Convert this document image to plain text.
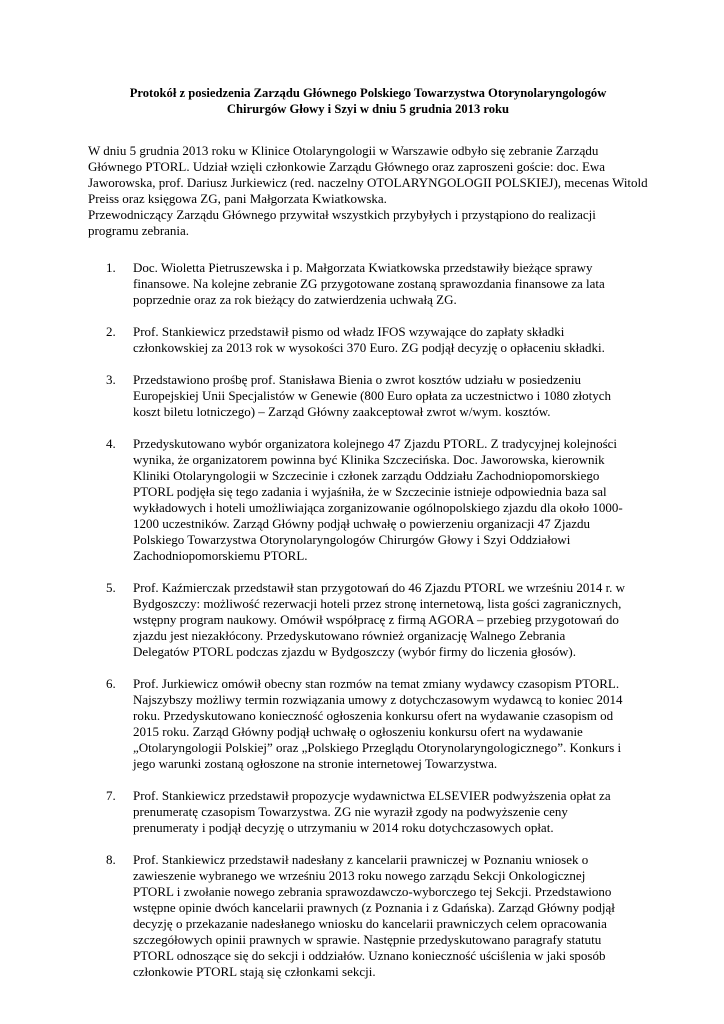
Protokół z posiedzenia Zarządu Głównego Polskiego Towarzystwa Otorynolaryngologów
Chirurgów Głowy i Szyi w dniu 5 grudnia 2013 roku

W dniu 5 grudnia 2013 roku w Klinice Otolaryngologii w Warszawie odbyło się zebranie Zarządu Głównego PTORL. Udział wzięli członkowie Zarządu Głównego oraz zaproszeni goście: doc. Ewa Jaworowska, prof. Dariusz Jurkiewicz (red. naczelny OTOLARYNGOLOGII POLSKIEJ), mecenas Witold Preiss oraz księgowa ZG, pani Małgorzata Kwiatkowska.

Przewodniczący Zarządu Głównego przywitał wszystkich przybyłych i przystąpiono do realizacji programu zebrania.

1. Doc. Wioletta Pietruszewska i p. Małgorzata Kwiatkowska przedstawiły bieżące sprawy
finansowe. Na kolejne zebranie ZG przygotowane zostaną sprawozdania finansowe za lata
poprzednie oraz za rok bieżący do zatwierdzenia uchwałą ZG.
2. Prof. Stankiewicz przedstawił pismo od władz IFOS wzywające do zapłaty składki
członkowskiej za 2013 rok w wysokości 370 Euro. ZG podjął decyzję o opłaceniu składki.
3. Przedstawiono prośbę prof. Stanisława Bienia o zwrot kosztów udziału w posiedzeniu
Europejskiej Unii Specjalistów w Genewie (800 Euro opłata za uczestnictwo i 1080 złotych
koszt biletu lotniczego) – Zarząd Główny zaakceptował zwrot w/wym. kosztów.
4. Przedyskutowano wybór organizatora kolejnego 47 Zjazdu PTORL. Z tradycyjnej kolejności
wynika, że organizatorem powinna być Klinika Szczecińska. Doc. Jaworowska, kierownik
Kliniki Otolaryngologii w Szczecinie i członek zarządu Oddziału Zachodniopomorskiego
PTORL podjęła się tego zadania i wyjaśniła, że w Szczecinie istnieje odpowiednia baza sal
wykładowych i hoteli umożliwiająca zorganizowanie ogólnopolskiego zjazdu dla około 1000-
1200 uczestników. Zarząd Główny podjął uchwałę o powierzeniu organizacji 47 Zjazdu
Polskiego Towarzystwa Otorynolaryngologów Chirurgów Głowy i Szyi Oddziałowi
Zachodniopomorskiemu PTORL.
5. Prof. Kaźmierczak przedstawił stan przygotowań do 46 Zjazdu PTORL we wrześniu 2014 r. w
Bydgoszczy: możliwość rezerwacji hoteli przez stronę internetową, lista gości zagranicznych,
wstępny program naukowy. Omówił współpracę z firmą AGORA – przebieg przygotowań do
zjazdu jest niezakłócony. Przedyskutowano również organizację Walnego Zebrania
Delegatów PTORL podczas zjazdu w Bydgoszczy (wybór firmy do liczenia głosów).
6. Prof. Jurkiewicz omówił obecny stan rozmów na temat zmiany wydawcy czasopism PTORL.
Najszybszy możliwy termin rozwiązania umowy z dotychczasowym wydawcą to koniec 2014
roku. Przedyskutowano konieczność ogłoszenia konkursu ofert na wydawanie czasopism od
2015 roku. Zarząd Główny podjął uchwałę o ogłoszeniu konkursu ofert na wydawanie
„Otolaryngologii Polskiej” oraz „Polskiego Przeglądu Otorynolaryngologicznego”. Konkurs i
jego warunki zostaną ogłoszone na stronie internetowej Towarzystwa.
7. Prof. Stankiewicz przedstawił propozycje wydawnictwa ELSEVIER podwyższenia opłat za
prenumeratę czasopism Towarzystwa. ZG nie wyraził zgody na podwyższenie ceny
prenumeraty i podjął decyzję o utrzymaniu w 2014 roku dotychczasowych opłat.
8. Prof. Stankiewicz przedstawił nadesłany z kancelarii prawniczej w Poznaniu wniosek o
zawieszenie wybranego we wrześniu 2013 roku nowego zarządu Sekcji Onkologicznej
PTORL i zwołanie nowego zebrania sprawozdawczo-wyborczego tej Sekcji. Przedstawiono
wstępne opinie dwóch kancelarii prawnych (z Poznania i z Gdańska). Zarząd Główny podjął
decyzję o przekazanie nadesłanego wniosku do kancelarii prawniczych celem opracowania
szczegółowych opinii prawnych w sprawie. Następnie przedyskutowano paragrafy statutu
PTORL odnoszące się do sekcji i oddziałów. Uznano konieczność uściślenia w jaki sposób
członkowie PTORL stają się członkami sekcji.
